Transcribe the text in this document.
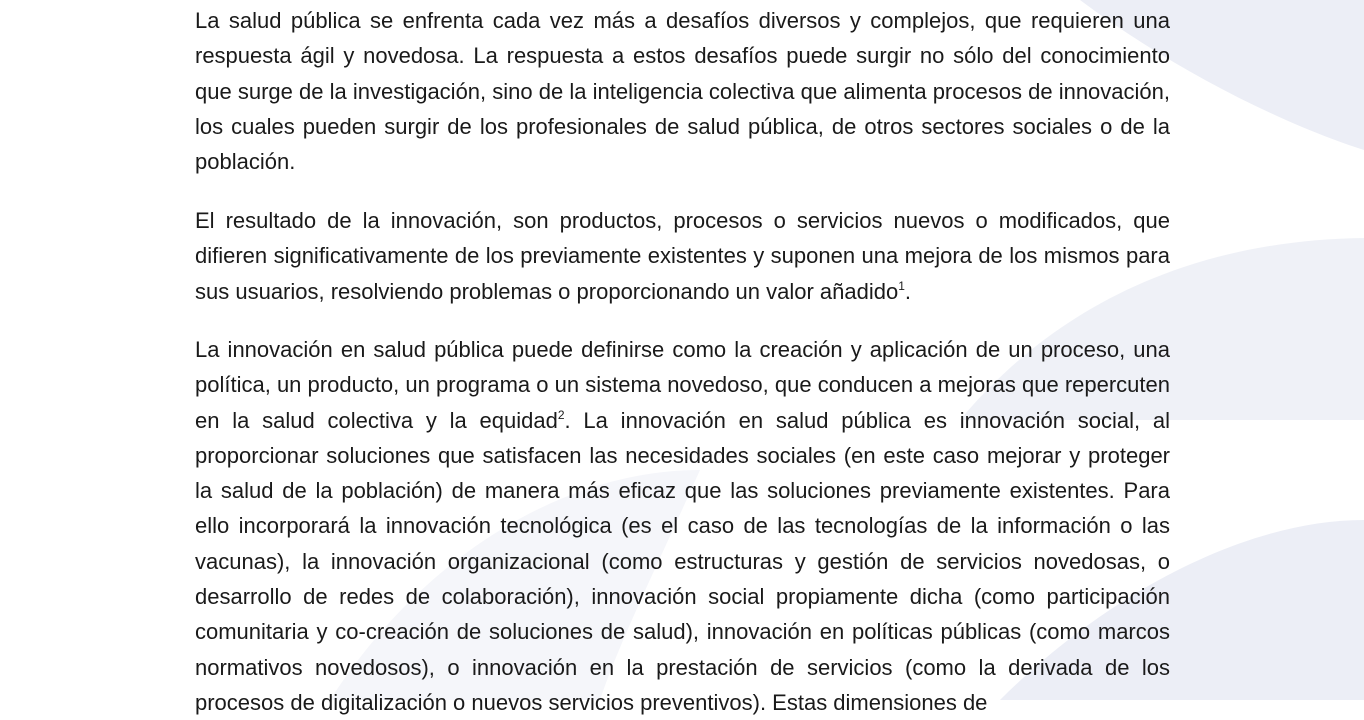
La salud pública se enfrenta cada vez más a desafíos diversos y complejos, que requieren una respuesta ágil y novedosa. La respuesta a estos desafíos puede surgir no sólo del conocimiento que surge de la investigación, sino de la inteligencia colectiva que alimenta procesos de innovación, los cuales pueden surgir de los profesionales de salud pública, de otros sectores sociales o de la población.

El resultado de la innovación, son productos, procesos o servicios nuevos o modificados, que difieren significativamente de los previamente existentes y suponen una mejora de los mismos para sus usuarios, resolviendo problemas o proporcionando un valor añadido$^1$.

La innovación en salud pública puede definirse como la creación y aplicación de un proceso, una política, un producto, un programa o un sistema novedoso, que conducen a mejoras que repercuten en la salud colectiva y la equidad$^2$. La innovación en salud pública es innovación social, al proporcionar soluciones que satisfacen las necesidades sociales (en este caso mejorar y proteger la salud de la población) de manera más eficaz que las soluciones previamente existentes. Para ello incorporará la innovación tecnológica (es el caso de las tecnologías de la información o las vacunas), la innovación organizacional (como estructuras y gestión de servicios novedosas, o desarrollo de redes de colaboración), innovación social propiamente dicha (como participación comunitaria y co-creación de soluciones de salud), innovación en políticas públicas (como marcos normativos novedosos), o innovación en la prestación de servicios (como la derivada de los procesos de digitalización o nuevos servicios preventivos). Estas dimensiones de
